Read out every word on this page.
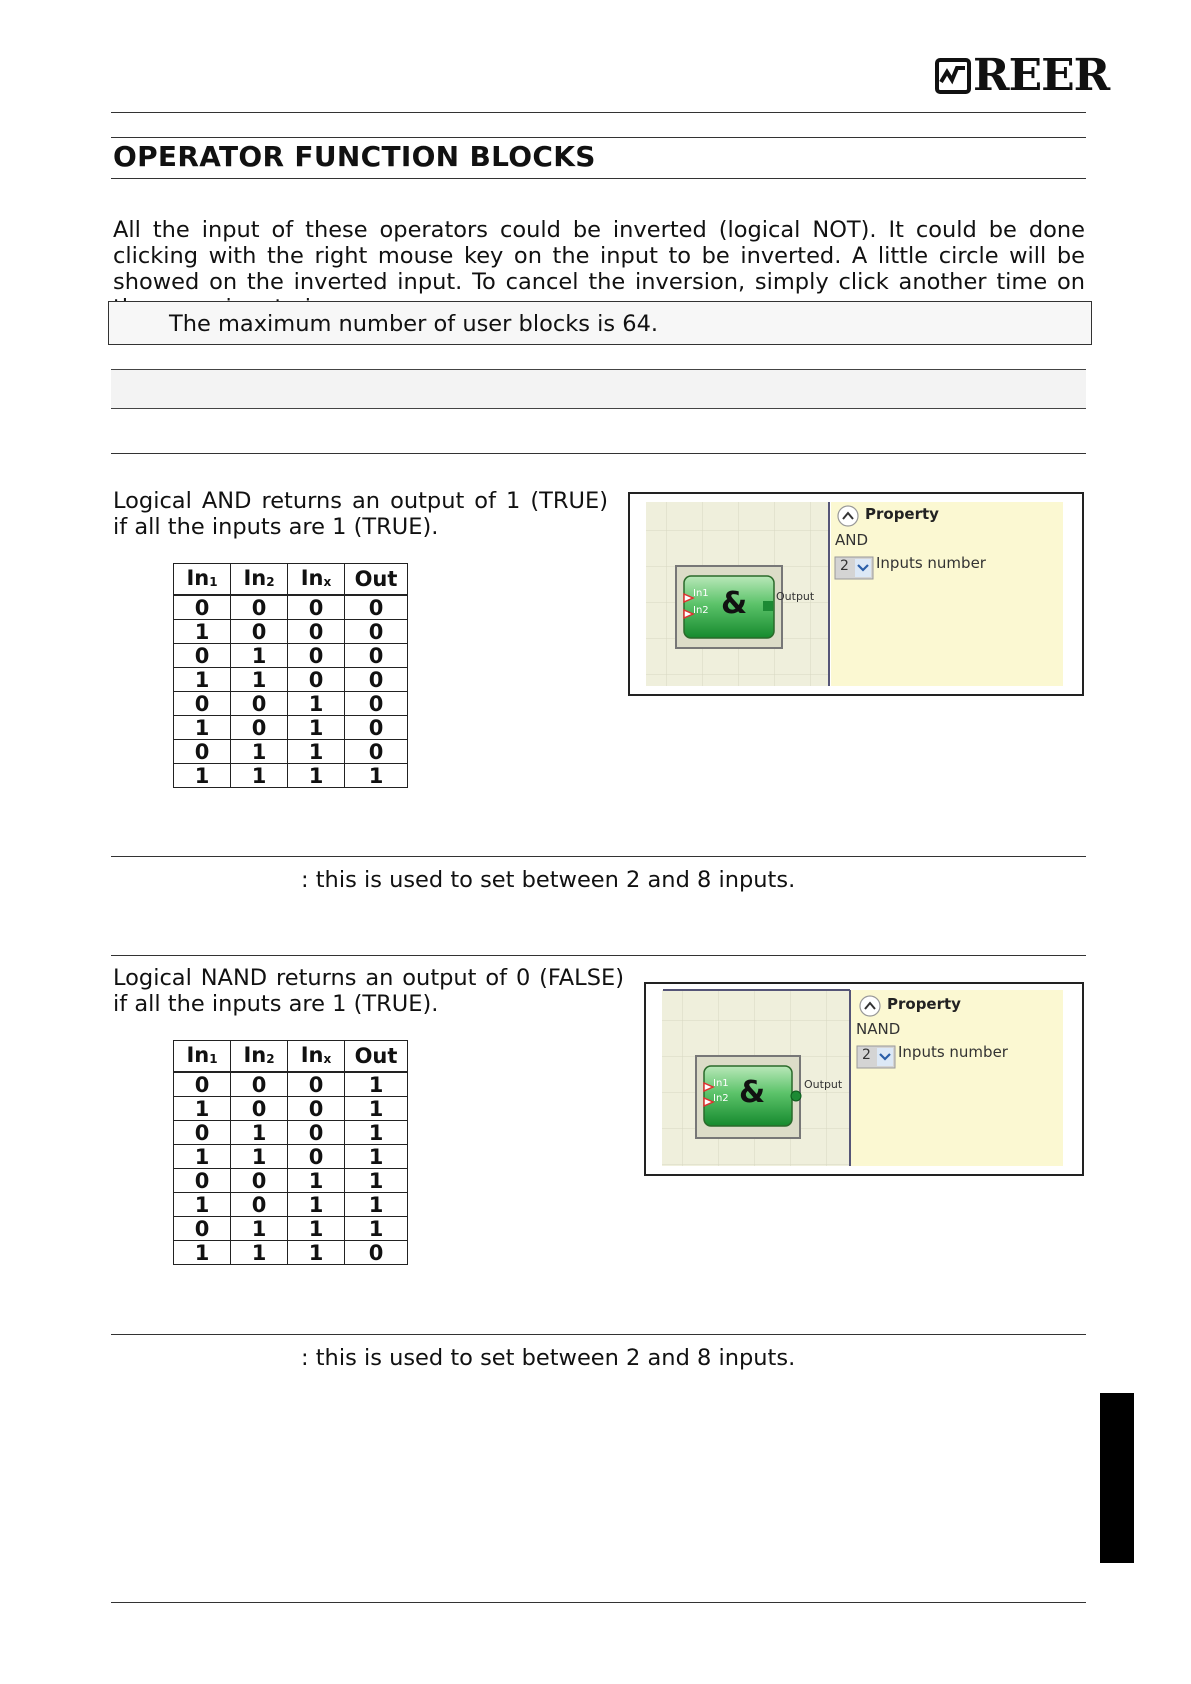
REER
OPERATOR FUNCTION BLOCKS
All the input of these operators could be inverted (logical NOT). It could be done clicking with the right mouse key on the input to be inverted. A little circle will be showed on the inverted input. To cancel the inversion, simply click another time on
The maximum number of user blocks is 64.
Logical AND returns an output of 1 (TRUE) if all the inputs are 1 (TRUE).
$In_1$	$In_2$	$In_x$	Out
0	0	0	0
1	0	0	0
0	1	0	0
1	1	0	0
0	0	1	0
1	0	1	0
0	1	1	0
1	1	1	1
In1
In2 &	Output
Property
AND
2 Inputs number
: this is used to set between 2 and 8 inputs.
Logical NAND returns an output of 0 (FALSE) if all the inputs are 1 (TRUE).
$In_1$	$In_2$	$In_x$	Out
0	0	0	1
1	0	0	1
0	1	0	1
1	1	0	1
0	0	1	1
1	0	1	1
0	1	1	1
1	1	1	0
In1
In2 &	Output
Property
NAND
2 Inputs number
: this is used to set between 2 and 8 inputs.
